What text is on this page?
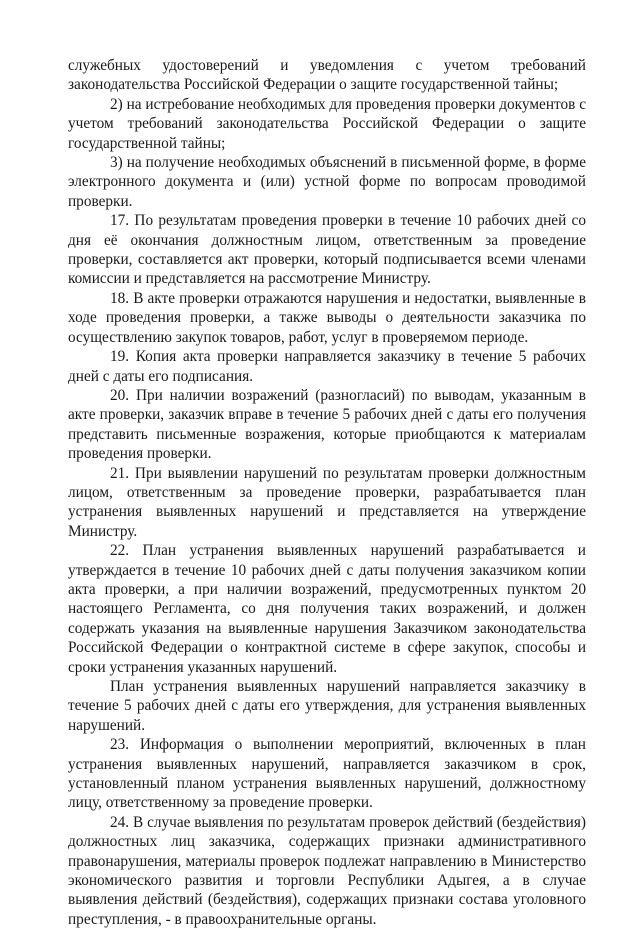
служебных удостоверений и уведомления с учетом требований законодательства Российской Федерации о защите государственной тайны;

2) на истребование необходимых для проведения проверки документов с учетом требований законодательства Российской Федерации о защите государственной тайны;

3) на получение необходимых объяснений в письменной форме, в форме электронного документа и (или) устной форме по вопросам проводимой проверки.

17. По результатам проведения проверки в течение 10 рабочих дней со дня её окончания должностным лицом, ответственным за проведение проверки, составляется акт проверки, который подписывается всеми членами комиссии и представляется на рассмотрение Министру.

18. В акте проверки отражаются нарушения и недостатки, выявленные в ходе проведения проверки, а также выводы о деятельности заказчика по осуществлению закупок товаров, работ, услуг в проверяемом периоде.

19. Копия акта проверки направляется заказчику в течение 5 рабочих дней с даты его подписания.

20. При наличии возражений (разногласий) по выводам, указанным в акте проверки, заказчик вправе в течение 5 рабочих дней с даты его получения представить письменные возражения, которые приобщаются к материалам проведения проверки.

21. При выявлении нарушений по результатам проверки должностным лицом, ответственным за проведение проверки, разрабатывается план устранения выявленных нарушений и представляется на утверждение Министру.

22. План устранения выявленных нарушений разрабатывается и утверждается в течение 10 рабочих дней с даты получения заказчиком копии акта проверки, а при наличии возражений, предусмотренных пунктом 20 настоящего Регламента, со дня получения таких возражений, и должен содержать указания на выявленные нарушения Заказчиком законодательства Российской Федерации о контрактной системе в сфере закупок, способы и сроки устранения указанных нарушений.

План устранения выявленных нарушений направляется заказчику в течение 5 рабочих дней с даты его утверждения, для устранения выявленных нарушений.

23. Информация о выполнении мероприятий, включенных в план устранения выявленных нарушений, направляется заказчиком в срок, установленный планом устранения выявленных нарушений, должностному лицу, ответственному за проведение проверки.

24. В случае выявления по результатам проверок действий (бездействия) должностных лиц заказчика, содержащих признаки административного правонарушения, материалы проверок подлежат направлению в Министерство экономического развития и торговли Республики Адыгея, а в случае выявления действий (бездействия), содержащих признаки состава уголовного преступления, - в правоохранительные органы.
